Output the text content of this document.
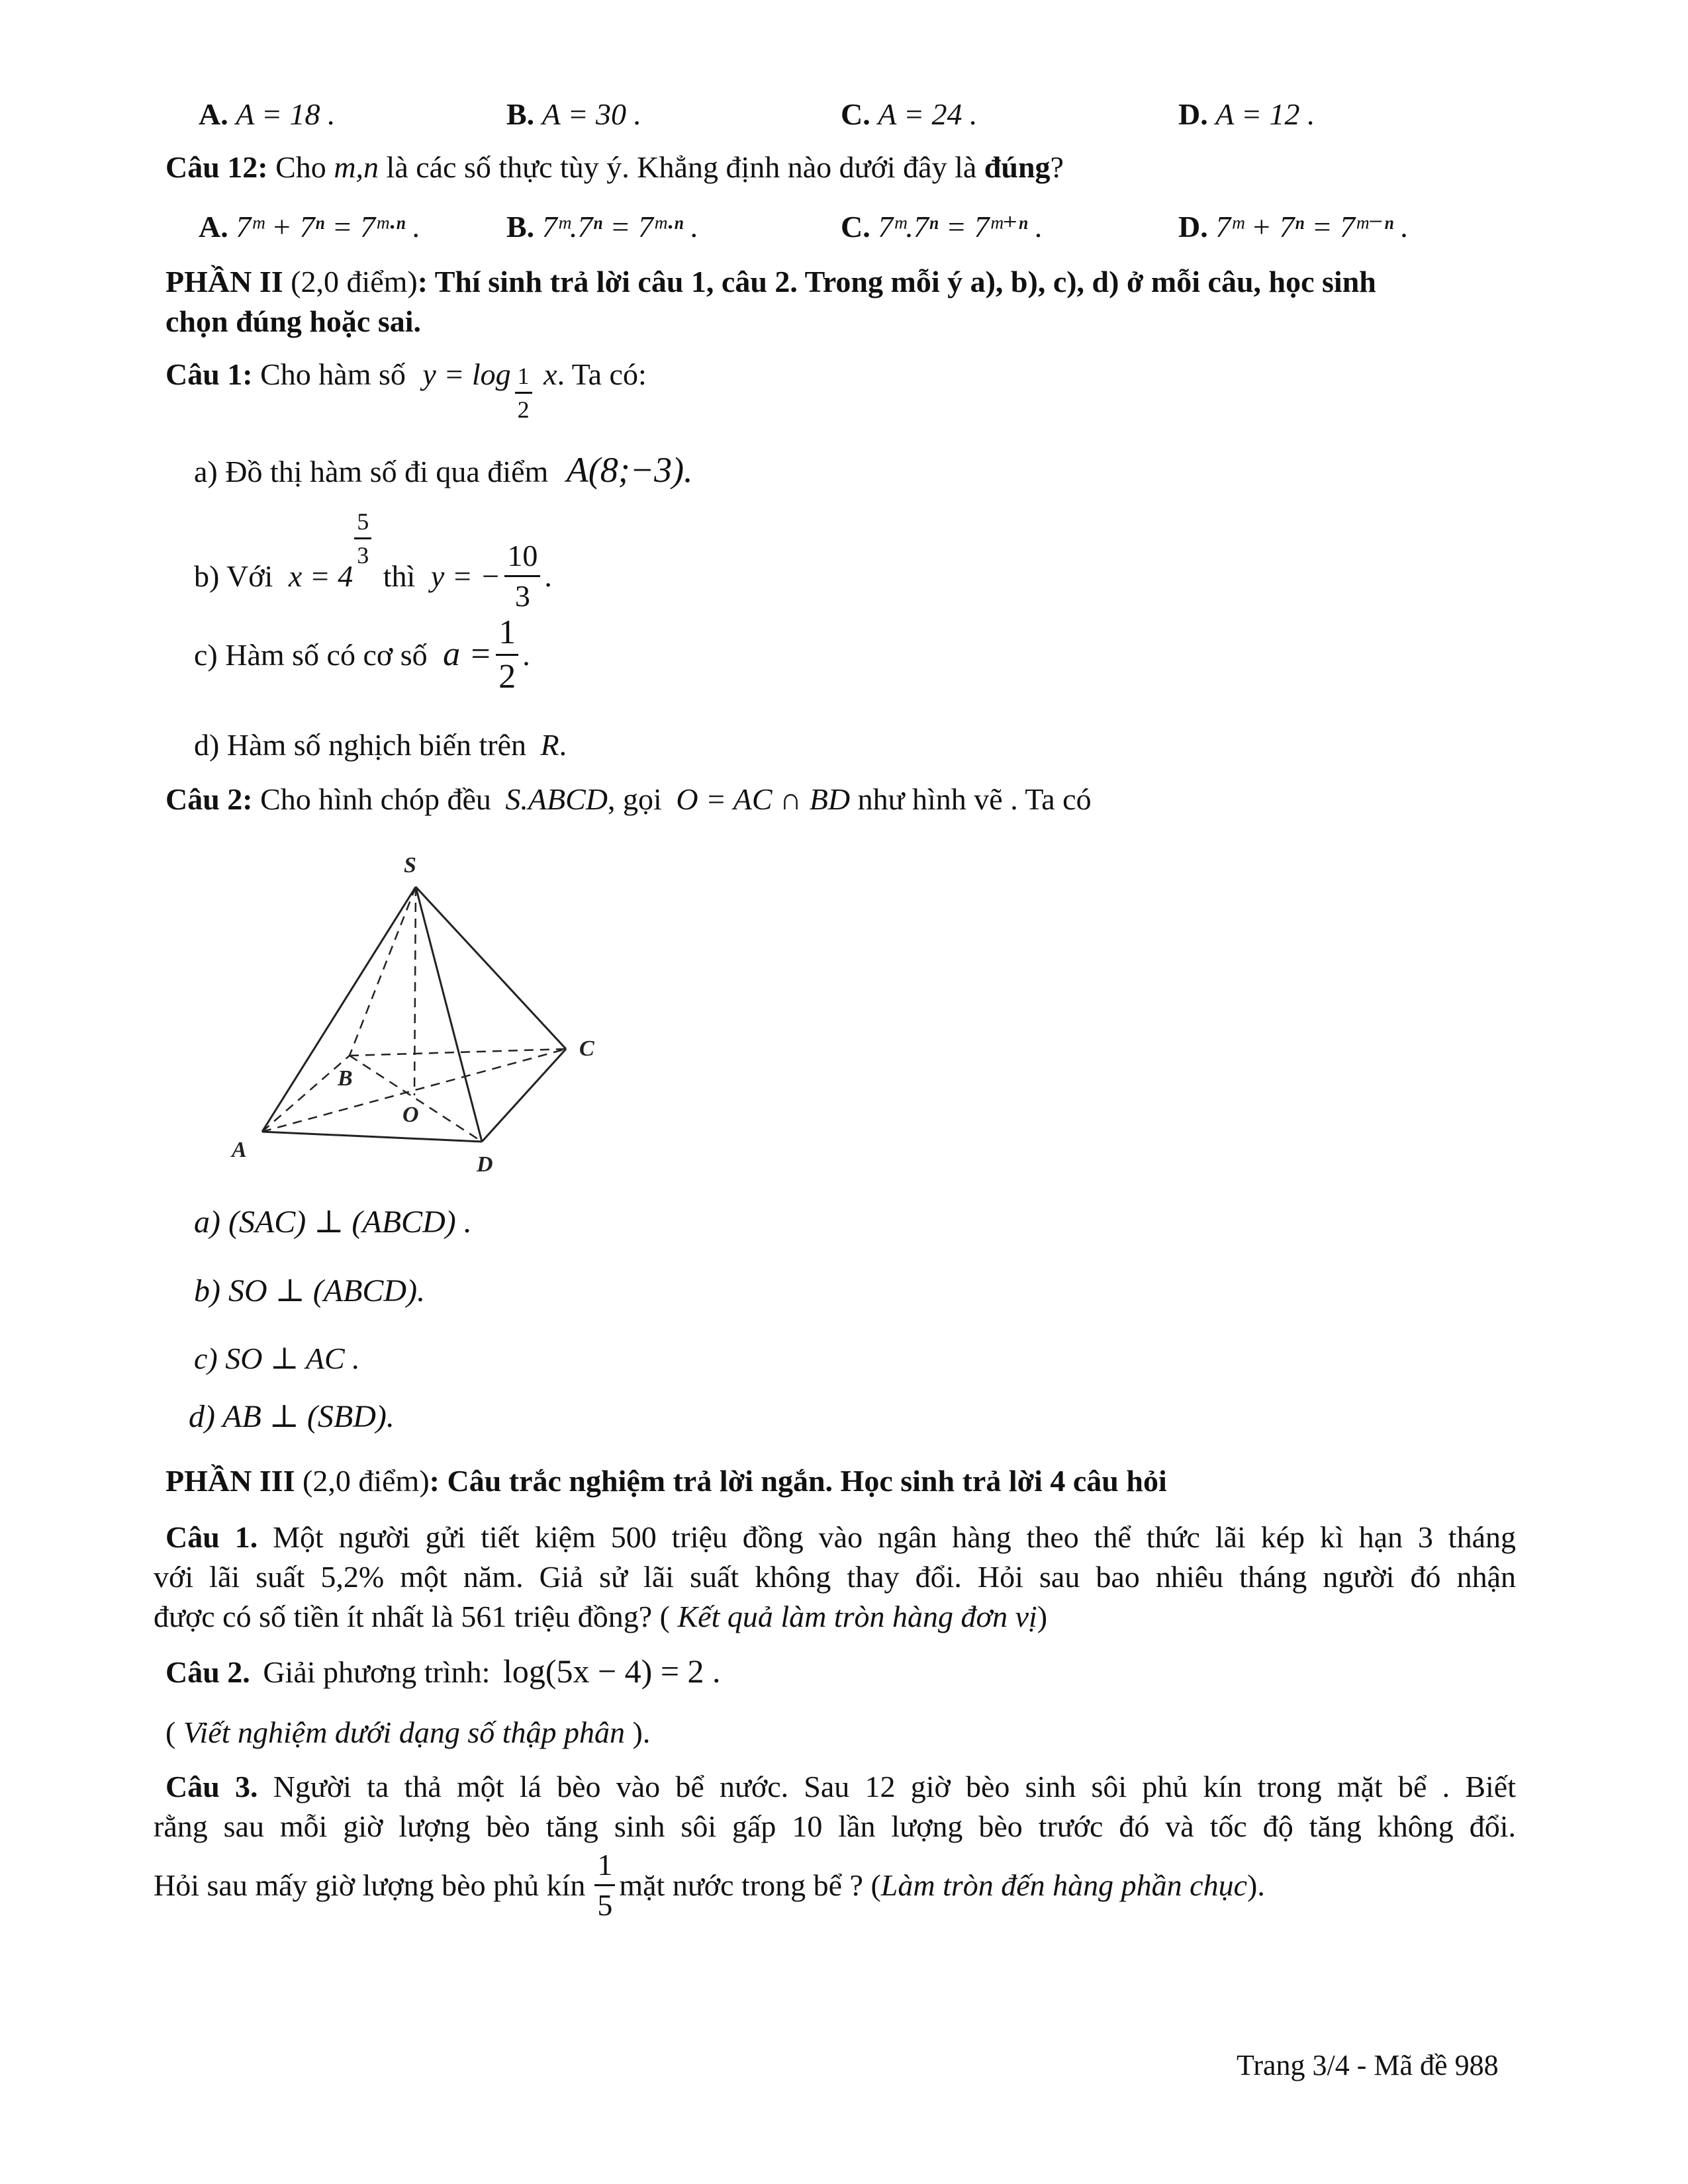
A. A = 18 .	B. A = 30 .	C. A = 24 .	D. A = 12 .
Câu 12: Cho m,n là các số thực tùy ý. Khẳng định nào dưới đây là đúng?
A. 7ᵐ + 7ⁿ = 7ᵐ·ⁿ .	B. 7ᵐ.7ⁿ = 7ᵐ·ⁿ .	C. 7ᵐ.7ⁿ = 7ᵐ⁺ⁿ .	D. 7ᵐ + 7ⁿ = 7ᵐ⁻ⁿ .
PHẦN II (2,0 điểm): Thí sinh trả lời câu 1, câu 2. Trong mỗi ý a), b), c), d) ở mỗi câu, học sinh
chọn đúng hoặc sai.
Câu 1: Cho hàm số $y = \log \frac{1}{2} x$. Ta có:
a) Đồ thị hàm số đi qua điểm A(8;−3).
b) Với x = 4
$\frac{5}{3}$
thì y = − $\frac{10}{3}$ .
c) Hàm số có cơ số $a = \frac{1}{2}$ .
d) Hàm số nghịch biến trên R.
Câu 2: Cho hình chóp đều S.ABCD, gọi O = AC ∩ BD như hình vẽ . Ta có
S
A
B
C
D
O
a) (SAC) ⊥ (ABCD) .
b) SO ⊥ (ABCD).
c) SO ⊥ AC .
d) AB ⊥ (SBD).
PHẦN III (2,0 điểm): Câu trắc nghiệm trả lời ngắn. Học sinh trả lời 4 câu hỏi
Câu 1. Một người gửi tiết kiệm 500 triệu đồng vào ngân hàng theo thể thức lãi kép kì hạn 3 tháng
với lãi suất 5,2% một năm. Giả sử lãi suất không thay đổi. Hỏi sau bao nhiêu tháng người đó nhận
được có số tiền ít nhất là 561 triệu đồng? ( Kết quả làm tròn hàng đơn vị)
Câu 2. Giải phương trình: log(5x − 4) = 2 .
( Viết nghiệm dưới dạng số thập phân ).
Câu 3. Người ta thả một lá bèo vào bể nước. Sau 12 giờ bèo sinh sôi phủ kín trong mặt bể . Biết
rằng sau mỗi giờ lượng bèo tăng sinh sôi gấp 10 lần lượng bèo trước đó và tốc độ tăng không đổi.
Hỏi sau mấy giờ lượng bèo phủ kín $\frac{1}{5}$ mặt nước trong bể ? (Làm tròn đến hàng phần chục).
Trang 3/4 - Mã đề 988
